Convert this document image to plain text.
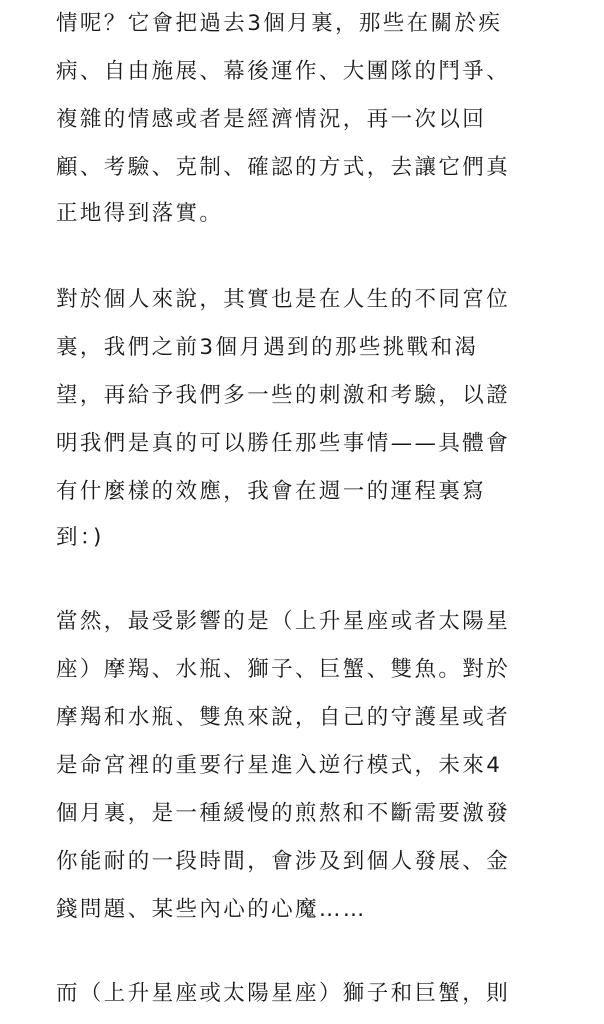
情呢？它會把過去3個月裏，那些在關於疾
病、自由施展、幕後運作、大團隊的鬥爭、
複雜的情感或者是經濟情況，再一次以回
顧、考驗、克制、確認的方式，去讓它們真
正地得到落實。
對於個人來說，其實也是在人生的不同宮位
裏，我們之前3個月遇到的那些挑戰和渴
望，再給予我們多一些的刺激和考驗，以證
明我們是真的可以勝任那些事情——具體會
有什麼樣的效應，我會在週一的運程裏寫
到：)
當然，最受影響的是（上升星座或者太陽星
座）摩羯、水瓶、獅子、巨蟹、雙魚。對於
摩羯和水瓶、雙魚來說，自己的守護星或者
是命宮裡的重要行星進入逆行模式，未來4
個月裏，是一種緩慢的煎熬和不斷需要激發
你能耐的一段時間，會涉及到個人發展、金
錢問題、某些內心的心魔……
而（上升星座或太陽星座）獅子和巨蟹，則
